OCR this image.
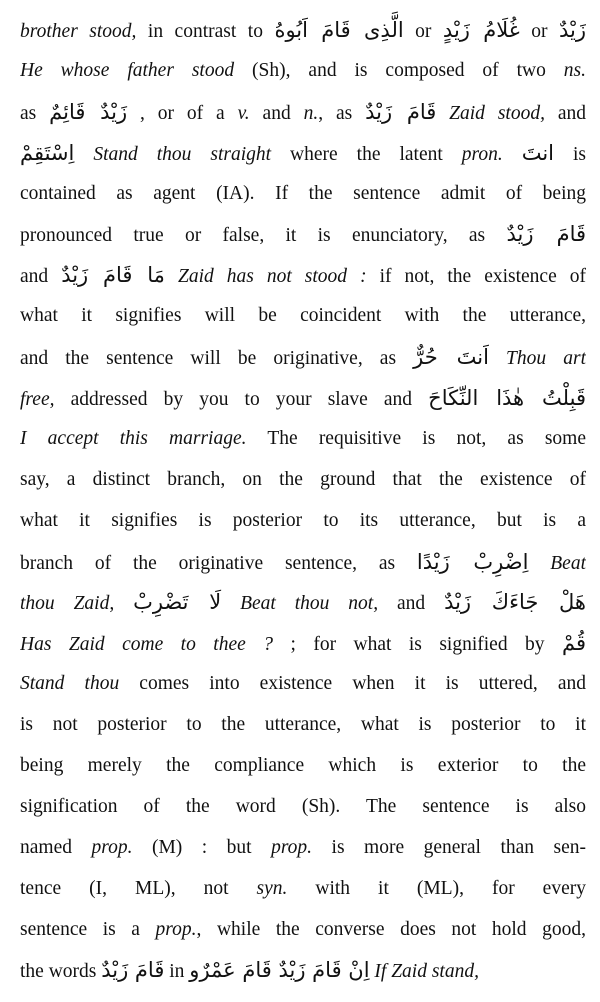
brother stood, in contrast to الَّذِى قَامَ اَبُوهُ or غُلَامُ زَيْدٍ or زَيْدٌ
He whose father stood (Sh), and is composed of two ns.
as زَيْدٌ قَائِمٌ , or of a v. and n., as قَامَ زَيْدٌ Zaid stood, and
اِسْتَقِمْ Stand thou straight where the latent pron. انتَ is
contained as agent (IA). If the sentence admit of being
pronounced true or false, it is enunciatory, as قَامَ زَيْدٌ
and مَا قَامَ زَيْدٌ Zaid has not stood : if not, the existence of
what it signifies will be coincident with the utterance,
and the sentence will be originative, as اَنتَ حُرٌّ Thou art
free, addressed by you to your slave and قَبِلْتُ هٰذَا النِّكَاحَ
I accept this marriage. The requisitive is not, as some
say, a distinct branch, on the ground that the existence of
what it signifies is posterior to its utterance, but is a
branch of the originative sentence, as اِضْرِبْ زَيْدًا Beat
thou Zaid, لَا تَضْرِبْ Beat thou not, and هَلْ جَاءَكَ زَيْدٌ
Has Zaid come to thee ? ; for what is signified by قُمْ
Stand thou comes into existence when it is uttered, and
is not posterior to the utterance, what is posterior to it
being merely the compliance which is exterior to the
signification of the word (Sh). The sentence is also
named prop. (M) : but prop. is more general than sen-
tence (I, ML), not syn. with it (ML), for every
sentence is a prop., while the converse does not hold good,
the words قَامَ زَيْدٌ in اِنْ قَامَ زَيْدٌ قَامَ عَمْرٌو If Zaid stand,
